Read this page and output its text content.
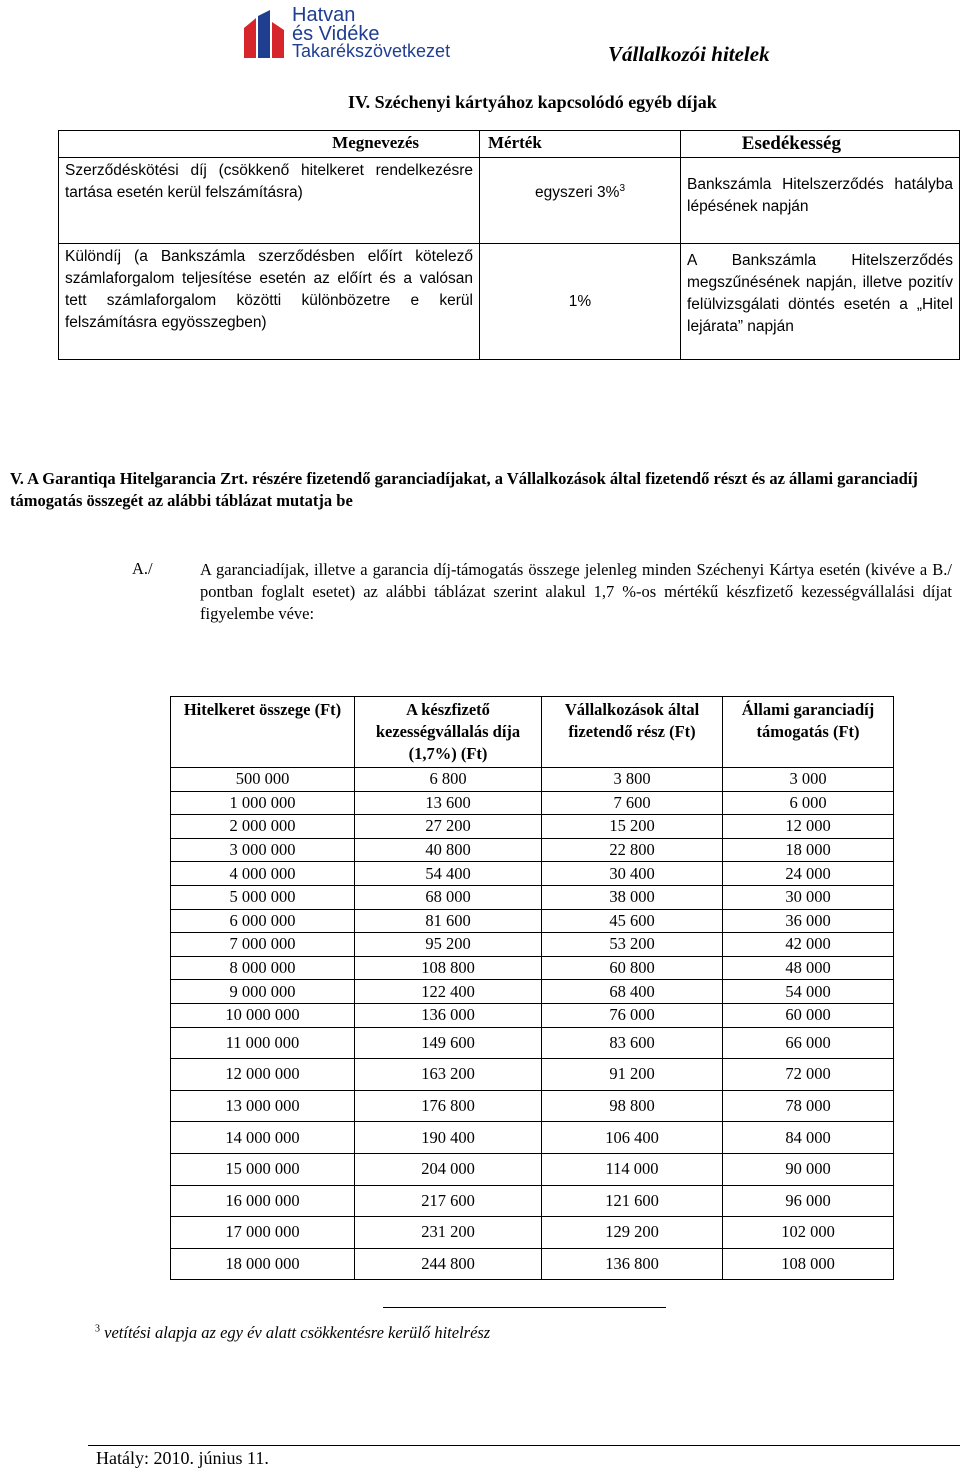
Hatvan
és Vidéke
Takarékszövetkezet	Vállalkozói hitelek
IV. Széchenyi kártyához kapcsolódó egyéb díjak
Megnevezés	Mérték	Esedékesség
Szerződéskötési díj (csökkenő hitelkeret rendelkezésre tartása esetén kerül felszámításra)	egyszeri 3%$^3$	Bankszámla Hitelszerződés hatályba lépésének napján
Különdíj (a Bankszámla szerződésben előírt kötelező számlaforgalom teljesítése esetén az előírt és a valósan tett számlaforgalom közötti különbözetre e kerül felszámításra egyösszegben)	1%	A Bankszámla Hitelszerződés megszűnésének napján, illetve pozitív felülvizsgálati döntés esetén a „Hitel lejárata” napján
V. A Garantiqa Hitelgarancia Zrt. részére fizetendő garanciadíjakat, a Vállalkozások által fizetendő részt és az állami garanciadíj támogatás összegét az alábbi táblázat mutatja be
A./	A garanciadíjak, illetve a garancia díj-támogatás összege jelenleg minden Széchenyi Kártya esetén (kivéve a B./ pontban foglalt esetet) az alábbi táblázat szerint alakul 1,7 %-os mértékű készfizető kezességvállalási díjat figyelembe véve:
Hitelkeret összege (Ft)	A készfizető kezességvállalás díja (1,7%) (Ft)	Vállalkozások által fizetendő rész (Ft)	Állami garanciadíj támogatás (Ft)
500 000	6 800	3 800	3 000
1 000 000	13 600	7 600	6 000
2 000 000	27 200	15 200	12 000
3 000 000	40 800	22 800	18 000
4 000 000	54 400	30 400	24 000
5 000 000	68 000	38 000	30 000
6 000 000	81 600	45 600	36 000
7 000 000	95 200	53 200	42 000
8 000 000	108 800	60 800	48 000
9 000 000	122 400	68 400	54 000
10 000 000	136 000	76 000	60 000
11 000 000	149 600	83 600	66 000
12 000 000	163 200	91 200	72 000
13 000 000	176 800	98 800	78 000
14 000 000	190 400	106 400	84 000
15 000 000	204 000	114 000	90 000
16 000 000	217 600	121 600	96 000
17 000 000	231 200	129 200	102 000
18 000 000	244 800	136 800	108 000
$^3$ vetítési alapja az egy év alatt csökkentésre kerülő hitelrész
Hatály: 2010. június 11.
